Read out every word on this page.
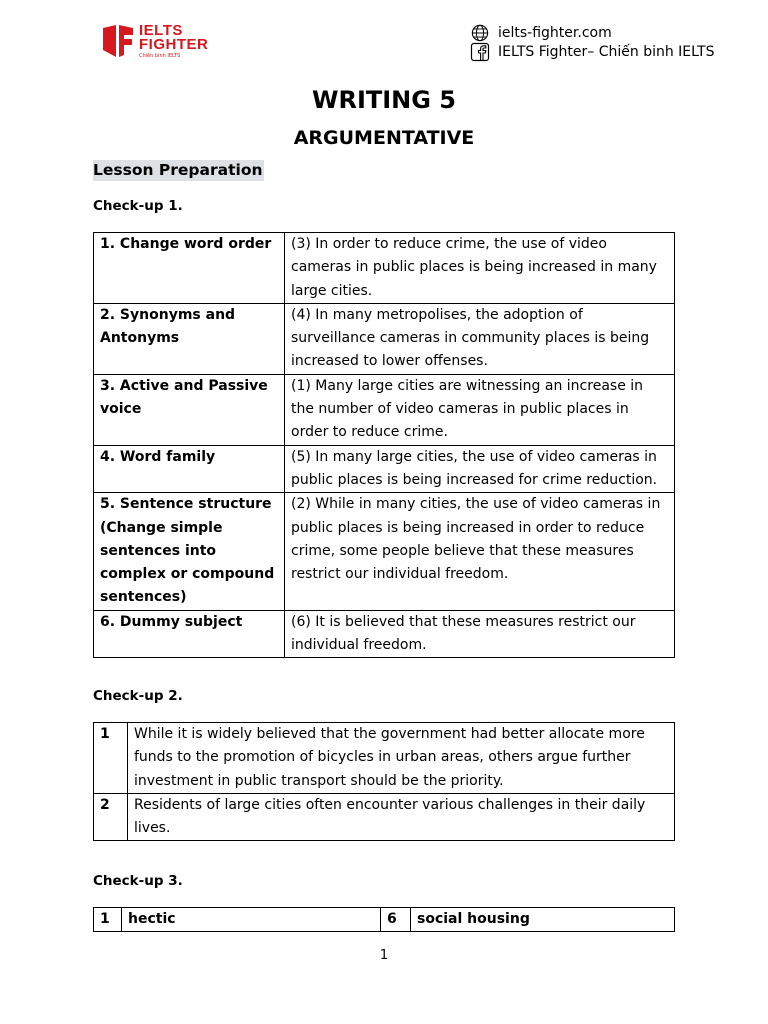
IELTS
FIGHTER
Chiến binh IELTS
ielts-fighter.com
IELTS Fighter– Chiến binh IELTS
WRITING 5
ARGUMENTATIVE
Lesson Preparation
Check-up 1.
1. Change word order	(3) In order to reduce crime, the use of video cameras in public places is being increased in many large cities.
2. Synonyms and Antonyms	(4) In many metropolises, the adoption of surveillance cameras in community places is being increased to lower offenses.
3. Active and Passive voice	(1) Many large cities are witnessing an increase in the number of video cameras in public places in order to reduce crime.
4. Word family	(5) In many large cities, the use of video cameras in public places is being increased for crime reduction.
5. Sentence structure (Change simple sentences into complex or compound sentences)	(2) While in many cities, the use of video cameras in public places is being increased in order to reduce crime, some people believe that these measures restrict our individual freedom.
6. Dummy subject	(6) It is believed that these measures restrict our individual freedom.
Check-up 2.
1	While it is widely believed that the government had better allocate more funds to the promotion of bicycles in urban areas, others argue further investment in public transport should be the priority.
2	Residents of large cities often encounter various challenges in their daily lives.
Check-up 3.
1	hectic	6	social housing
1
